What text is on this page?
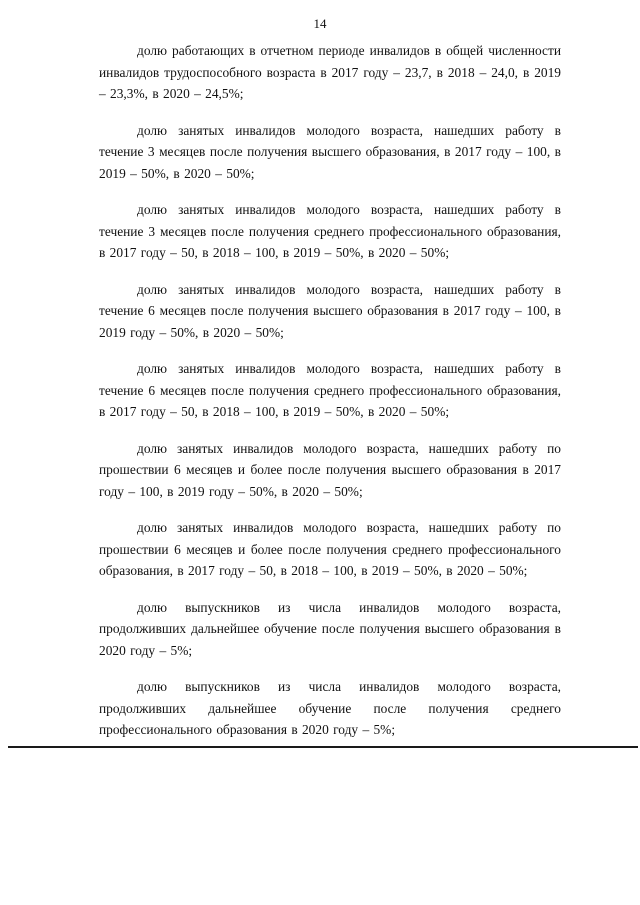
14

долю работающих в отчетном периоде инвалидов в общей численности инвалидов трудоспособного возраста в 2017 году – 23,7, в 2018 – 24,0, в 2019 – 23,3%, в 2020 – 24,5%;

долю занятых инвалидов молодого возраста, нашедших работу в течение 3 месяцев после получения высшего образования, в 2017 году – 100, в 2019 – 50%, в 2020 – 50%;

долю занятых инвалидов молодого возраста, нашедших работу в течение 3 месяцев после получения среднего профессионального образования, в 2017 году – 50, в 2018 – 100, в 2019 – 50%, в 2020 – 50%;

долю занятых инвалидов молодого возраста, нашедших работу в течение 6 месяцев после получения высшего образования в 2017 году – 100, в 2019 году – 50%, в 2020 – 50%;

долю занятых инвалидов молодого возраста, нашедших работу в течение 6 месяцев после получения среднего профессионального образования, в 2017 году – 50, в 2018 – 100, в 2019 – 50%, в 2020 – 50%;

долю занятых инвалидов молодого возраста, нашедших работу по прошествии 6 месяцев и более после получения высшего образования в 2017 году – 100, в 2019 году – 50%, в 2020 – 50%;

долю занятых инвалидов молодого возраста, нашедших работу по прошествии 6 месяцев и более после получения среднего профессионального образования, в 2017 году – 50, в 2018 – 100, в 2019 – 50%, в 2020 – 50%;

долю выпускников из числа инвалидов молодого возраста, продолживших дальнейшее обучение после получения высшего образования в 2020 году – 5%;

долю выпускников из числа инвалидов молодого возраста, продолживших дальнейшее обучение после получения среднего профессионального образования в 2020 году – 5%;
